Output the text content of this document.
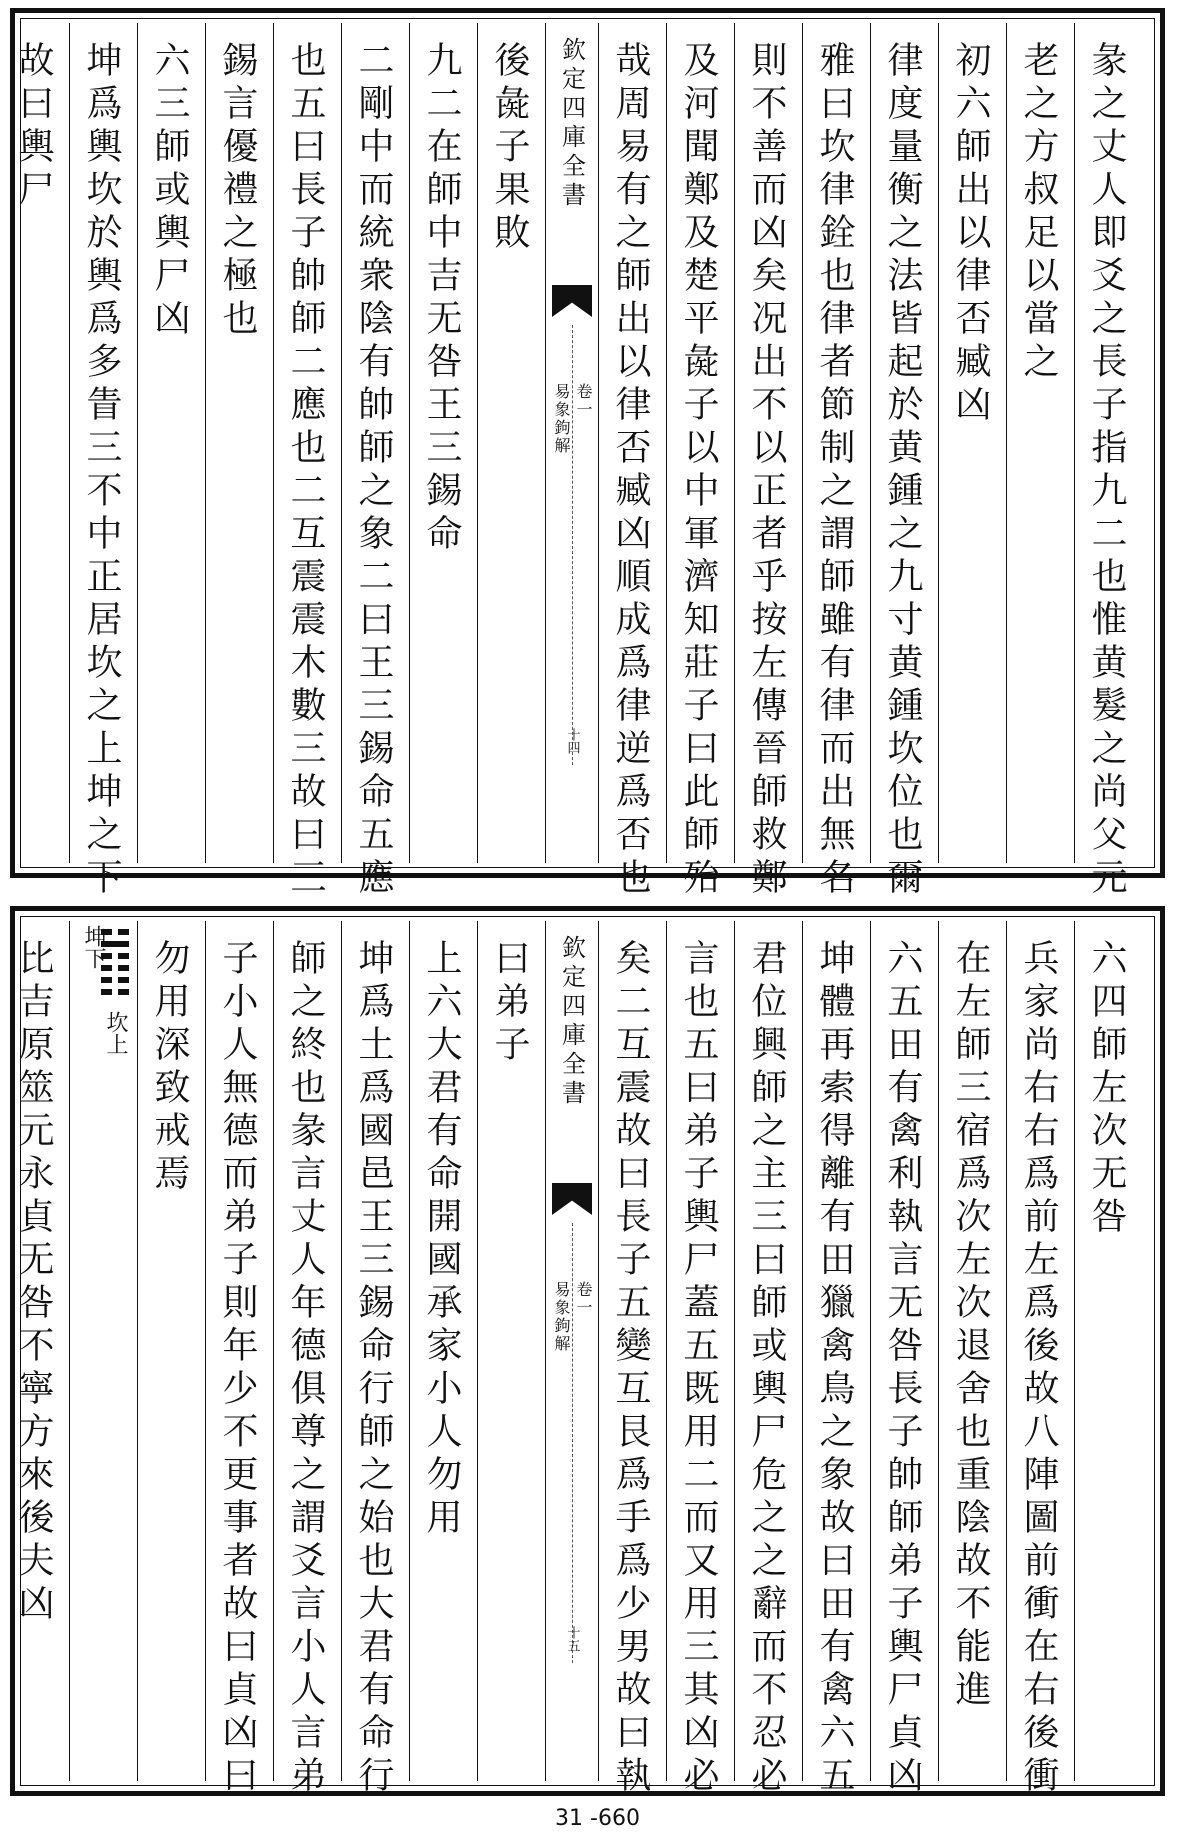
彖之丈人即爻之長子指九二也惟黄髮之尚父元
老之方叔足以當之
初六師出以律否臧凶
律度量衡之法皆起於黄鍾之九寸黄鍾坎位也爾
雅曰坎律銓也律者節制之謂師雖有律而出無名
則不善而凶矣况出不以正者乎按左傳晉師救鄭
及河聞鄭及楚平彘子以中軍濟知莊子曰此師殆
哉周易有之師出以律否臧凶順成爲律逆爲否也
欽定四庫全書
易象鉤解 卷一
十四
後彘子果敗
九二在師中吉无咎王三錫命
二剛中而統衆陰有帥師之象二曰王三錫命五應
也五曰長子帥師二應也二互震震木數三故曰三
錫言優禮之極也
六三師或輿尸凶
坤爲輿坎於輿爲多眚三不中正居坎之上坤之下
故曰輿尸
六四師左次无咎
兵家尚右右爲前左爲後故八陣圖前衝在右後衝
在左師三宿爲次左次退舍也重陰故不能進
六五田有禽利執言无咎長子帥師弟子輿尸貞凶
坤體再索得離有田獵禽鳥之象故曰田有禽六五
君位興師之主三曰師或輿尸危之之辭而不忍必
言也五曰弟子輿尸蓋五既用二而又用三其凶必
矣二互震故曰長子五變互艮爲手爲少男故曰執
欽定四庫全書
易象鉤解 卷一
十五
曰弟子
上六大君有命開國承家小人勿用
坤爲土爲國邑王三錫命行師之始也大君有命行
師之終也彖言丈人年德俱尊之謂爻言小人言弟
子小人無德而弟子則年少不更事者故曰貞凶曰
勿用深致戒焉
坤下
坎上
比吉原筮元永貞无咎不寧方來後夫凶
31 -660
